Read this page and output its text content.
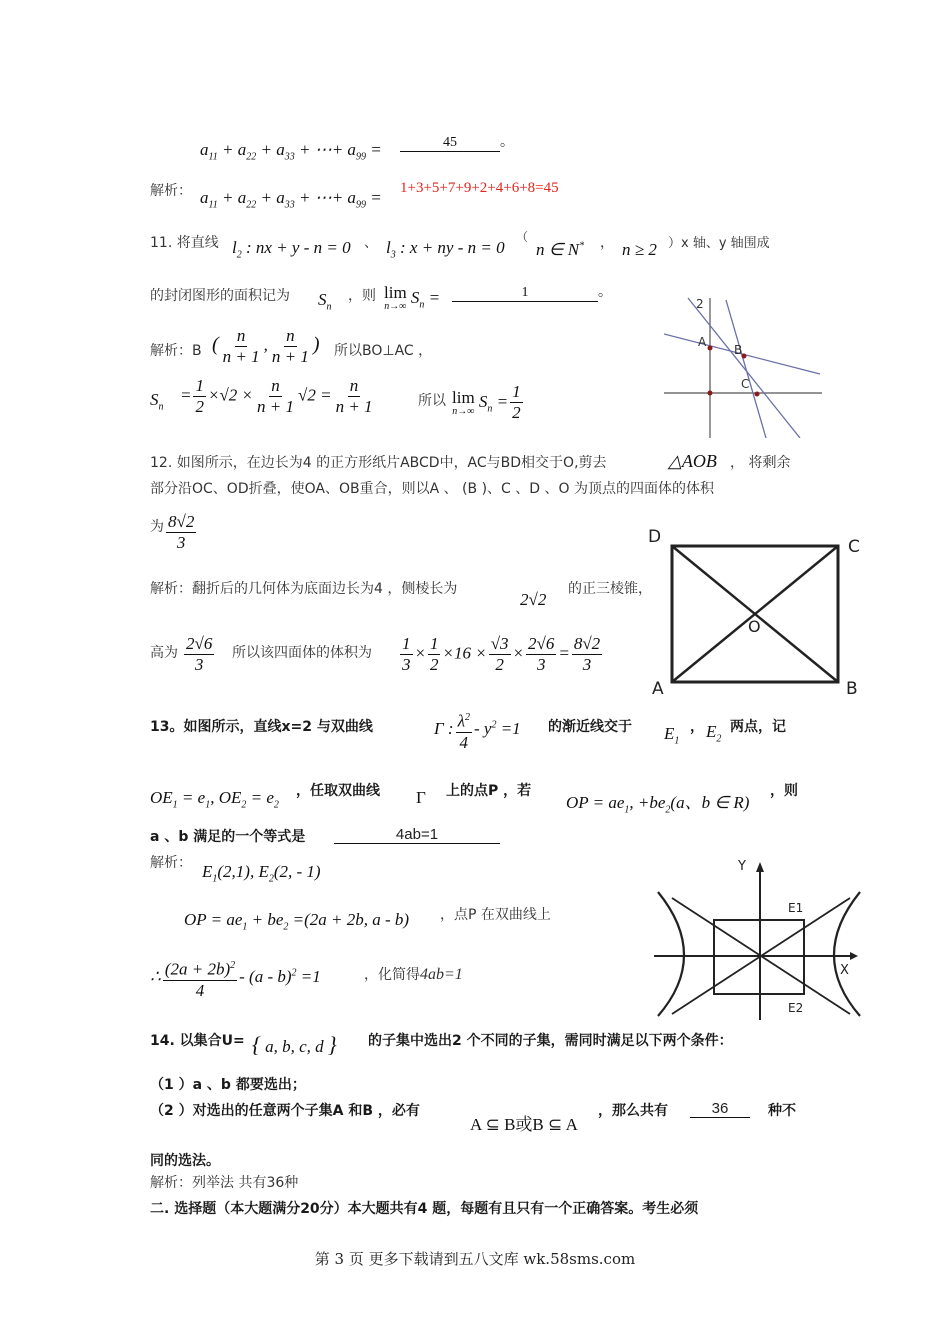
$a_{11} + a_{22} + a_{33}$ + ⋯+ $a_{99}$ =	45	。
解析： $a_{11} + a_{22} + a_{33}$ + ⋯+ $a_{99} = 1+3+5+7+9+2+4+6+8=45$
11. 将直线 $l_2$ : nx + y - n = 0 、 $l_3$ : x + ny - n = 0
（
n ∈ N* ， n ≥ 2 ）x 轴、y 轴围成
的封闭图形的面积记为 $S_n$
，则 lim
n→∞ $S_n$ =	1	。
解析：B ( $\frac{n}{n + 1}$ , $\frac{n}{n + 1}$ ) 所以BO⊥AC ，
$S_n$
= $\frac{1}{2} \times√2 \times \frac{n}{n + 1} √2 = \frac{n}{n + 1}$	所以 lim
n→∞ $S_n = \frac{1}{2}$
2
A
B
C
12. 如图所示，在边长为4 的正方形纸片ABCD中，AC与BD相交于O,剪去	△AOB ， 将剩余
部分沿OC、OD折叠，使OA、OB重合，则以A 、 (B )、C 、D 、O 为顶点的四面体的体积
为 $\frac{8√2}{3}$
解析：翻折后的几何体为底面边长为4 ，侧棱长为
2√2
的正三棱锥，
高为 $\frac{2√6}{3}$ 所以该四面体的体积为 $\frac{1}{3} \times \frac{1}{2} \times 16 \times \frac{√3}{2} \times \frac{2√6}{3} = \frac{8√2}{3}$
D	C
O
A	B
13。如图所示，直线x=2 与双曲线	Γ : $\frac{\lambda^2}{4} - y^2 =1$ 的渐近线交于 $E_1$
， $E_2$
两点，记
$OE_1 = e_1$, $OE_2 = e_2$
，任取双曲线 Γ 上的点P ，若
OP = $ae_1$, $+be_2(a$、b ∈ R)
，则
a 、b 满足的一个等式是	4ab=1
解析： $E_1(2,1)$, $E_2(2$, - 1)
OP = $ae_1 + be_2 =(2a + 2b$, a - b) ，点P 在双曲线上
∴ $\frac{(2a + 2b)^2}{4} - (a - b)^2 =1$	，化简得4ab=1
Y
E1
X
E2
14. 以集合U= { a, b, c, d } 的子集中选出2 个不同的子集，需同时满足以下两个条件：
（1 ）a 、b 都要选出；
（2 ）对选出的任意两个子集A 和B ，必有
A ⊆ B或B ⊆ A
，那么共有	36	种不
同的选法。
解析：列举法 共有36种
二. 选择题（本大题满分20分）本大题共有4 题，每题有且只有一个正确答案。考生必须
第 3 页 更多下载请到五八文库 wk.58sms.com
